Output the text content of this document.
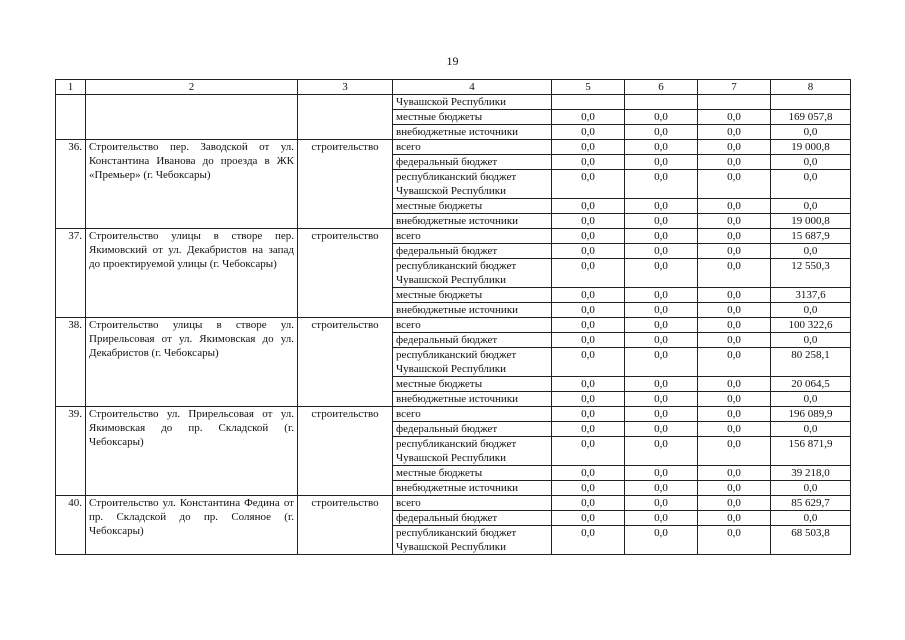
19
1	2	3	4	5	6	7	8
			Чувашской Республики				
			местные бюджеты	0,0	0,0	0,0	169 057,8
			внебюджетные источники	0,0	0,0	0,0	0,0
36.	Строительство пер. Заводской от ул. Константина Иванова до проезда в ЖК «Премьер» (г. Чебоксары)	строительство	всего	0,0	0,0	0,0	19 000,8
			федеральный бюджет	0,0	0,0	0,0	0,0
			республиканский бюджет Чувашской Республики	0,0	0,0	0,0	0,0
			местные бюджеты	0,0	0,0	0,0	0,0
			внебюджетные источники	0,0	0,0	0,0	19 000,8
37.	Строительство улицы в створе пер. Якимовский от ул. Декабристов на запад до проектируемой улицы (г. Чебоксары)	строительство	всего	0,0	0,0	0,0	15 687,9
			федеральный бюджет	0,0	0,0	0,0	0,0
			республиканский бюджет Чувашской Республики	0,0	0,0	0,0	12 550,3
			местные бюджеты	0,0	0,0	0,0	3137,6
			внебюджетные источники	0,0	0,0	0,0	0,0
38.	Строительство улицы в створе ул. Прирельсовая от ул. Якимовская до ул. Декабристов (г. Чебоксары)	строительство	всего	0,0	0,0	0,0	100 322,6
			федеральный бюджет	0,0	0,0	0,0	0,0
			республиканский бюджет Чувашской Республики	0,0	0,0	0,0	80 258,1
			местные бюджеты	0,0	0,0	0,0	20 064,5
			внебюджетные источники	0,0	0,0	0,0	0,0
39.	Строительство ул. Прирельсовая от ул. Якимовская до пр. Складской (г. Чебоксары)	строительство	всего	0,0	0,0	0,0	196 089,9
			федеральный бюджет	0,0	0,0	0,0	0,0
			республиканский бюджет Чувашской Республики	0,0	0,0	0,0	156 871,9
			местные бюджеты	0,0	0,0	0,0	39 218,0
			внебюджетные источники	0,0	0,0	0,0	0,0
40.	Строительство ул. Константина Федина от пр. Складской до пр. Соляное (г. Чебоксары)	строительство	всего	0,0	0,0	0,0	85 629,7
			федеральный бюджет	0,0	0,0	0,0	0,0
			республиканский бюджет Чувашской Республики	0,0	0,0	0,0	68 503,8
